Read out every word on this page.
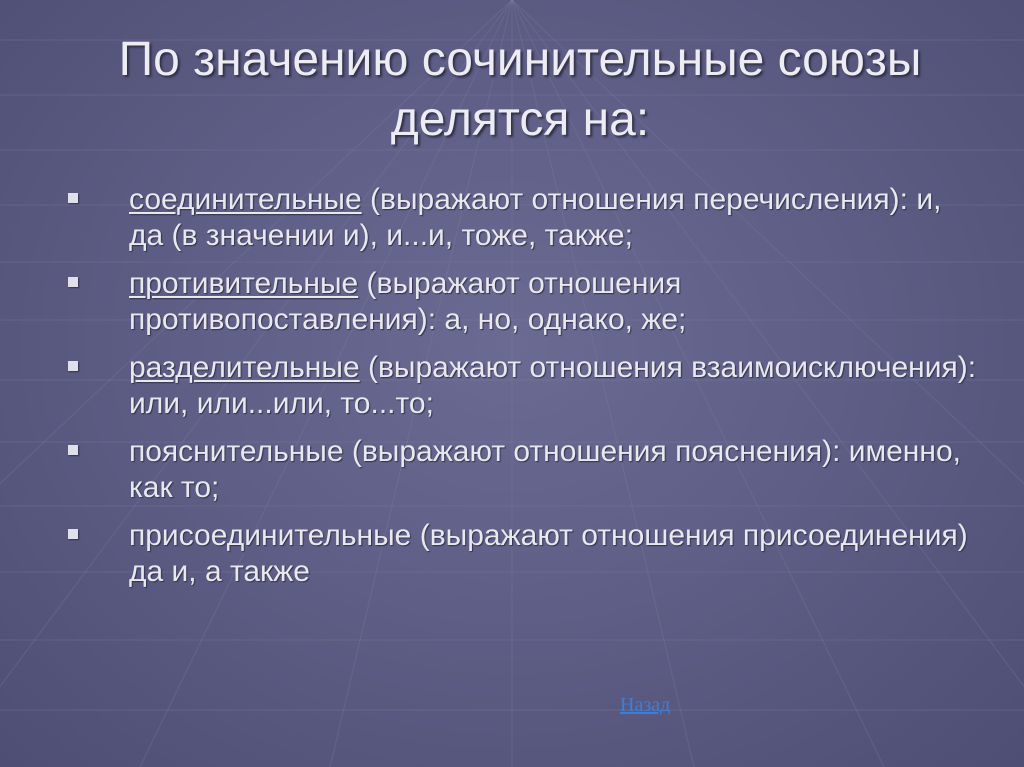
По значению сочинительные союзы делятся на:
соединительные (выражают отношения перечисления): и, да (в значении и), и...и, тоже, также;
противительные (выражают отношения противопоставления): а, но, однако, же;
разделительные (выражают отношения взаимоисключения): или, или...или, то...то;
пояснительные (выражают отношения пояснения): именно, как то;
присоединительные (выражают отношения присоединения) да и, а также
Назад
